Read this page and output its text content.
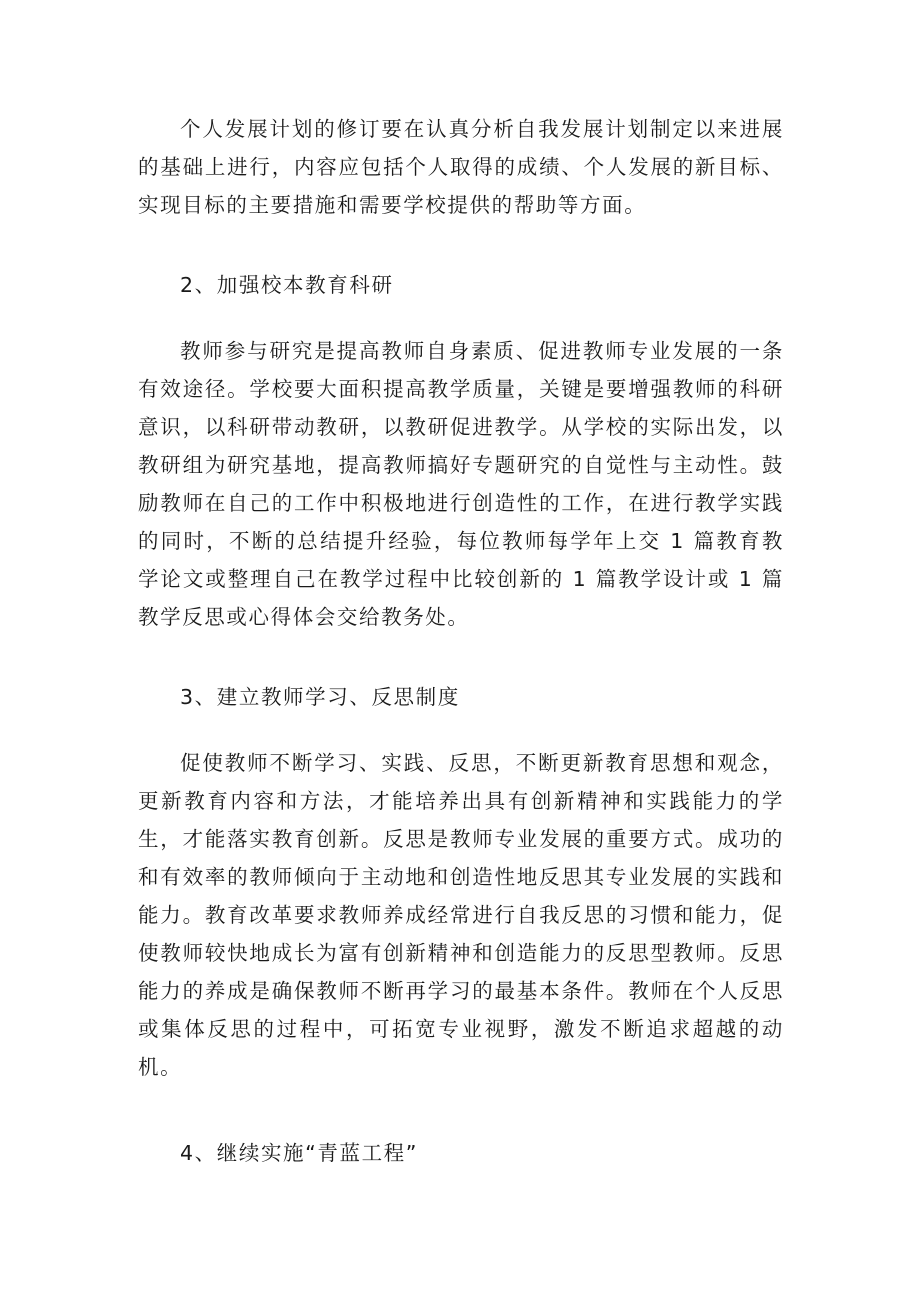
个人发展计划的修订要在认真分析自我发展计划制定以来进展的基础上进行，内容应包括个人取得的成绩、个人发展的新目标、实现目标的主要措施和需要学校提供的帮助等方面。

2、加强校本教育科研

教师参与研究是提高教师自身素质、促进教师专业发展的一条有效途径。学校要大面积提高教学质量，关键是要增强教师的科研意识，以科研带动教研，以教研促进教学。从学校的实际出发，以教研组为研究基地，提高教师搞好专题研究的自觉性与主动性。鼓励教师在自己的工作中积极地进行创造性的工作，在进行教学实践的同时，不断的总结提升经验，每位教师每学年上交 1 篇教育教学论文或整理自己在教学过程中比较创新的 1 篇教学设计或 1 篇教学反思或心得体会交给教务处。

3、建立教师学习、反思制度

促使教师不断学习、实践、反思，不断更新教育思想和观念，更新教育内容和方法，才能培养出具有创新精神和实践能力的学生，才能落实教育创新。反思是教师专业发展的重要方式。成功的和有效率的教师倾向于主动地和创造性地反思其专业发展的实践和能力。教育改革要求教师养成经常进行自我反思的习惯和能力，促使教师较快地成长为富有创新精神和创造能力的反思型教师。反思能力的养成是确保教师不断再学习的最基本条件。教师在个人反思或集体反思的过程中，可拓宽专业视野，激发不断追求超越的动机。

4、继续实施“青蓝工程”
